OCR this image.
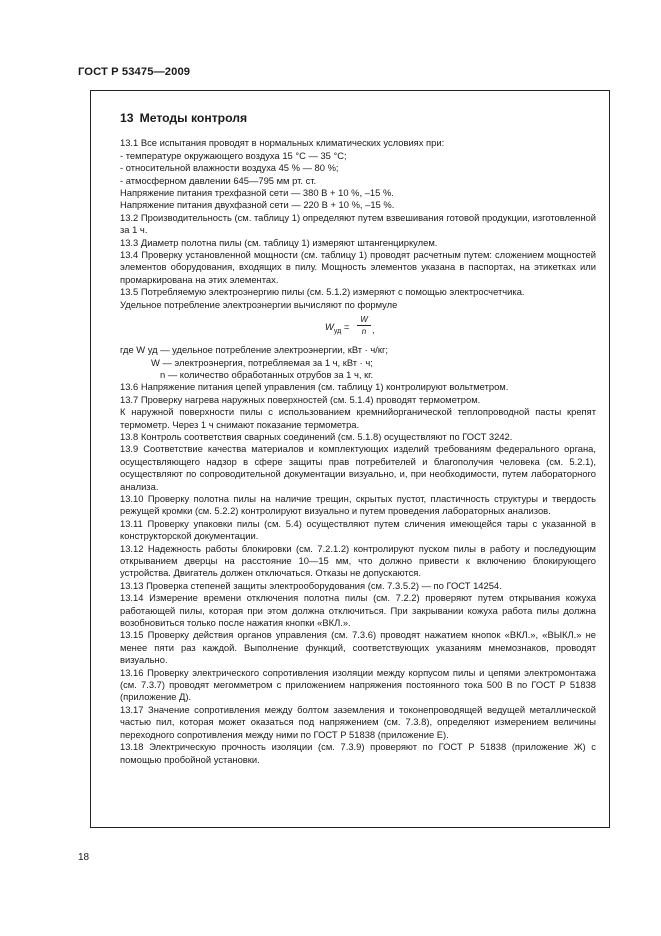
ГОСТ Р 53475—2009
13 Методы контроля

13.1 Все испытания проводят в нормальных климатических условиях при:

- температуре окружающего воздуха 15 °С — 35 °С;

- относительной влажности воздуха 45 % — 80 %;

- атмосферном давлении 645—795 мм рт. ст.

Напряжение питания трехфазной сети — 380 В + 10 %, –15 %.

Напряжение питания двухфазной сети — 220 В + 10 %, –15 %.

13.2 Производительность (см. таблицу 1) определяют путем взвешивания готовой продукции, изготовленной за 1 ч.

13.3 Диаметр полотна пилы (см. таблицу 1) измеряют штангенциркулем.

13.4 Проверку установленной мощности (см. таблицу 1) проводят расчетным путем: сложением мощностей элементов оборудования, входящих в пилу. Мощность элементов указана в паспортах, на этикетках или промаркирована на этих элементах.

13.5 Потребляемую электроэнергию пилы (см. 5.1.2) измеряют с помощью электросчетчика.

Удельное потребление электроэнергии вычисляют по формуле

$W_{уд}$ =
W
n ,

где W уд — удельное потребление электроэнергии, кВт · ч/кг;

W — электроэнергия, потребляемая за 1 ч, кВт · ч;

n — количество обработанных отрубов за 1 ч, кг.

13.6 Напряжение питания цепей управления (см. таблицу 1) контролируют вольтметром.

13.7 Проверку нагрева наружных поверхностей (см. 5.1.4) проводят термометром.

К наружной поверхности пилы с использованием кремнийорганической теплопроводной пасты крепят термометр. Через 1 ч снимают показание термометра.

13.8 Контроль соответствия сварных соединений (см. 5.1.8) осуществляют по ГОСТ 3242.

13.9 Соответствие качества материалов и комплектующих изделий требованиям федерального органа, осуществляющего надзор в сфере защиты прав потребителей и благополучия человека (см. 5.2.1), осуществляют по сопроводительной документации визуально, и, при необходимости, путем лабораторного анализа.

13.10 Проверку полотна пилы на наличие трещин, скрытых пустот, пластичность структуры и твердость режущей кромки (см. 5.2.2) контролируют визуально и путем проведения лабораторных анализов.

13.11 Проверку упаковки пилы (см. 5.4) осуществляют путем сличения имеющейся тары с указанной в конструкторской документации.

13.12 Надежность работы блокировки (см. 7.2.1.2) контролируют пуском пилы в работу и последующим открыванием дверцы на расстояние 10—15 мм, что должно привести к включению блокирующего устройства. Двигатель должен отключаться. Отказы не допускаются.

13.13 Проверка степеней защиты электрооборудования (см. 7.3.5.2) — по ГОСТ 14254.

13.14 Измерение времени отключения полотна пилы (см. 7.2.2) проверяют путем открывания кожуха работающей пилы, которая при этом должна отключиться. При закрывании кожуха работа пилы должна возобновиться только после нажатия кнопки «ВКЛ.».

13.15 Проверку действия органов управления (см. 7.3.6) проводят нажатием кнопок «ВКЛ.», «ВЫКЛ.» не менее пяти раз каждой. Выполнение функций, соответствующих указаниям мнемознаков, проводят визуально.

13.16 Проверку электрического сопротивления изоляции между корпусом пилы и цепями электромонтажа (см. 7.3.7) проводят мегомметром с приложением напряжения постоянного тока 500 В по ГОСТ Р 51838 (приложение Д).

13.17 Значение сопротивления между болтом заземления и токонепроводящей ведущей металлической частью пил, которая может оказаться под напряжением (см. 7.3.8), определяют измерением величины переходного сопротивления между ними по ГОСТ Р 51838 (приложение Е).

13.18 Электрическую прочность изоляции (см. 7.3.9) проверяют по ГОСТ Р 51838 (приложение Ж) с помощью пробойной установки.

18
